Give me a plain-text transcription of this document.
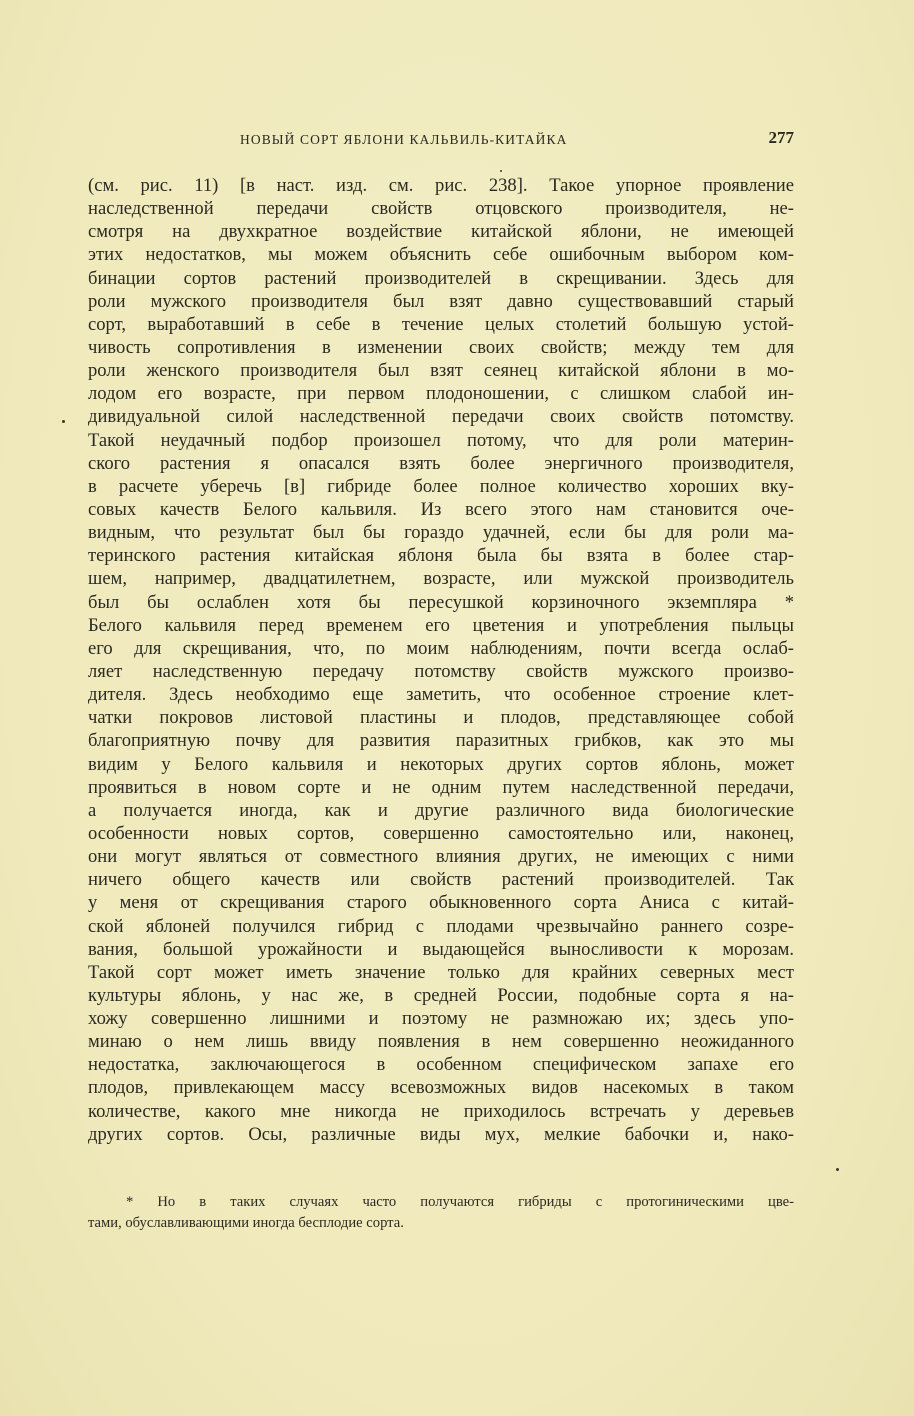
НОВЫЙ СОРТ ЯБЛОНИ КАЛЬВИЛЬ-КИТАЙКА	277
(см. рис. 11) [в наст. изд. см. рис. 238]. Такое упорное проявление
наследственной передачи свойств отцовского производителя, не-
смотря на двухкратное воздействие китайской яблони, не имеющей
этих недостатков, мы можем объяснить себе ошибочным выбором ком-
бинации сортов растений производителей в скрещивании. Здесь для
роли мужского производителя был взят давно существовавший старый
сорт, выработавший в себе в течение целых столетий большую устой-
чивость сопротивления в изменении своих свойств; между тем для
роли женского производителя был взят сеянец китайской яблони в мо-
лодом его возрасте, при первом плодоношении, с слишком слабой ин-
дивидуальной силой наследственной передачи своих свойств потомству.
Такой неудачный подбор произошел потому, что для роли материн-
ского растения я опасался взять более энергичного производителя,
в расчете уберечь [в] гибриде более полное количество хороших вку-
совых качеств Белого кальвиля. Из всего этого нам становится оче-
видным, что результат был бы гораздо удачней, если бы для роли ма-
теринского растения китайская яблоня была бы взята в более стар-
шем, например, двадцатилетнем, возрасте, или мужской производитель
был бы ослаблен хотя бы пересушкой корзиночного экземпляра *
Белого кальвиля перед временем его цветения и употребления пыльцы
его для скрещивания, что, по моим наблюдениям, почти всегда ослаб-
ляет наследственную передачу потомству свойств мужского произво-
дителя. Здесь необходимо еще заметить, что особенное строение клет-
чатки покровов листовой пластины и плодов, представляющее собой
благоприятную почву для развития паразитных грибков, как это мы
видим у Белого кальвиля и некоторых других сортов яблонь, может
проявиться в новом сорте и не одним путем наследственной передачи,
а получается иногда, как и другие различного вида биологические
особенности новых сортов, совершенно самостоятельно или, наконец,
они могут являться от совместного влияния других, не имеющих с ними
ничего общего качеств или свойств растений производителей. Так
у меня от скрещивания старого обыкновенного сорта Аниса с китай-
ской яблоней получился гибрид с плодами чрезвычайно раннего созре-
вания, большой урожайности и выдающейся выносливости к морозам.
Такой сорт может иметь значение только для крайних северных мест
культуры яблонь, у нас же, в средней России, подобные сорта я на-
хожу совершенно лишними и поэтому не размножаю их; здесь упо-
минаю о нем лишь ввиду появления в нем совершенно неожиданного
недостатка, заключающегося в особенном специфическом запахе его
плодов, привлекающем массу всевозможных видов насекомых в таком
количестве, какого мне никогда не приходилось встречать у деревьев
других сортов. Осы, различные виды мух, мелкие бабочки и, нако-
* Но в таких случаях часто получаются гибриды с протогиническими цве-
тами, обуславливающими иногда бесплодие сорта.
